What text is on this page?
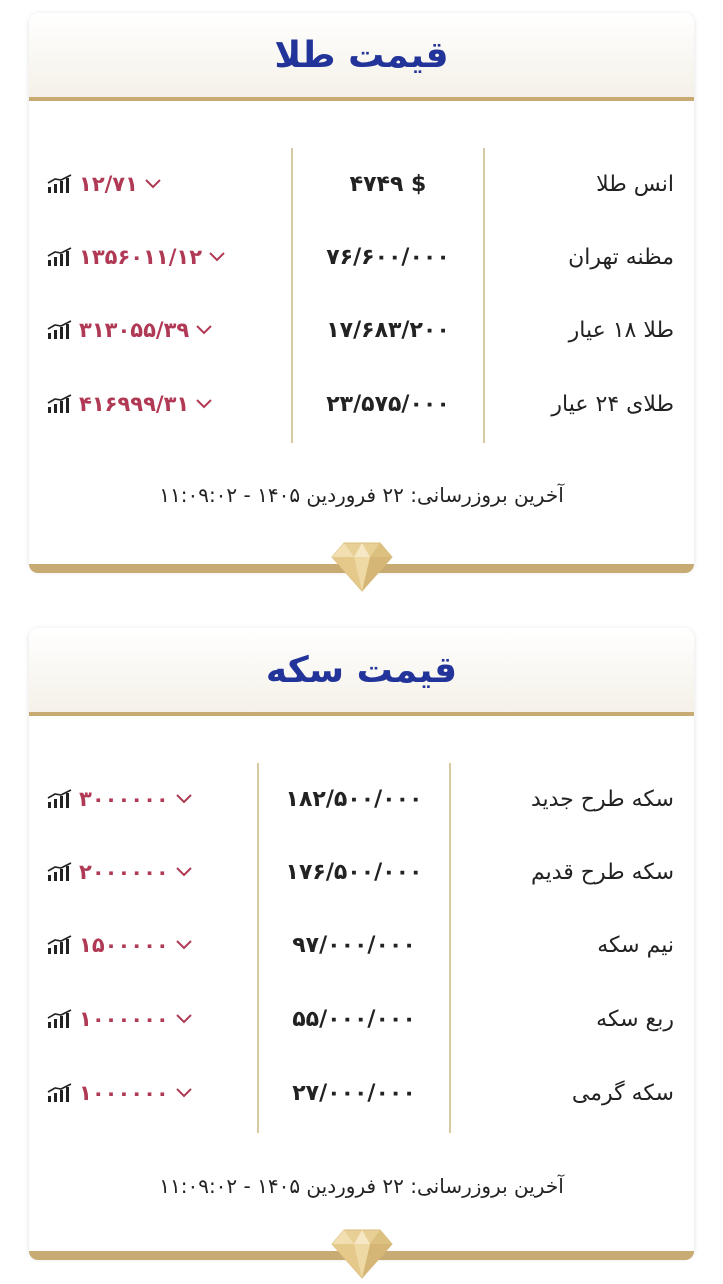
قیمت طلا
انس طلا
$ ۴۷۴۹
۱۲/۷۱
مظنه تهران
۷۶/۶۰۰/۰۰۰
۱۳۵۶۰۱۱/۱۲
طلا ۱۸ عیار
۱۷/۶۸۳/۲۰۰
۳۱۳۰۵۵/۳۹
طلای ۲۴ عیار
۲۳/۵۷۵/۰۰۰
۴۱۶۹۹۹/۳۱
آخرین بروزرسانی: ۲۲ فروردین ۱۴۰۵ - ۱۱:۰۹:۰۲
قیمت سکه
سکه طرح جدید
۱۸۲/۵۰۰/۰۰۰
۳۰۰۰۰۰۰
سکه طرح قدیم
۱۷۶/۵۰۰/۰۰۰
۲۰۰۰۰۰۰
نیم سکه
۹۷/۰۰۰/۰۰۰
۱۵۰۰۰۰۰
ربع سکه
۵۵/۰۰۰/۰۰۰
۱۰۰۰۰۰۰
سکه گرمی
۲۷/۰۰۰/۰۰۰
۱۰۰۰۰۰۰
آخرین بروزرسانی: ۲۲ فروردین ۱۴۰۵ - ۱۱:۰۹:۰۲
